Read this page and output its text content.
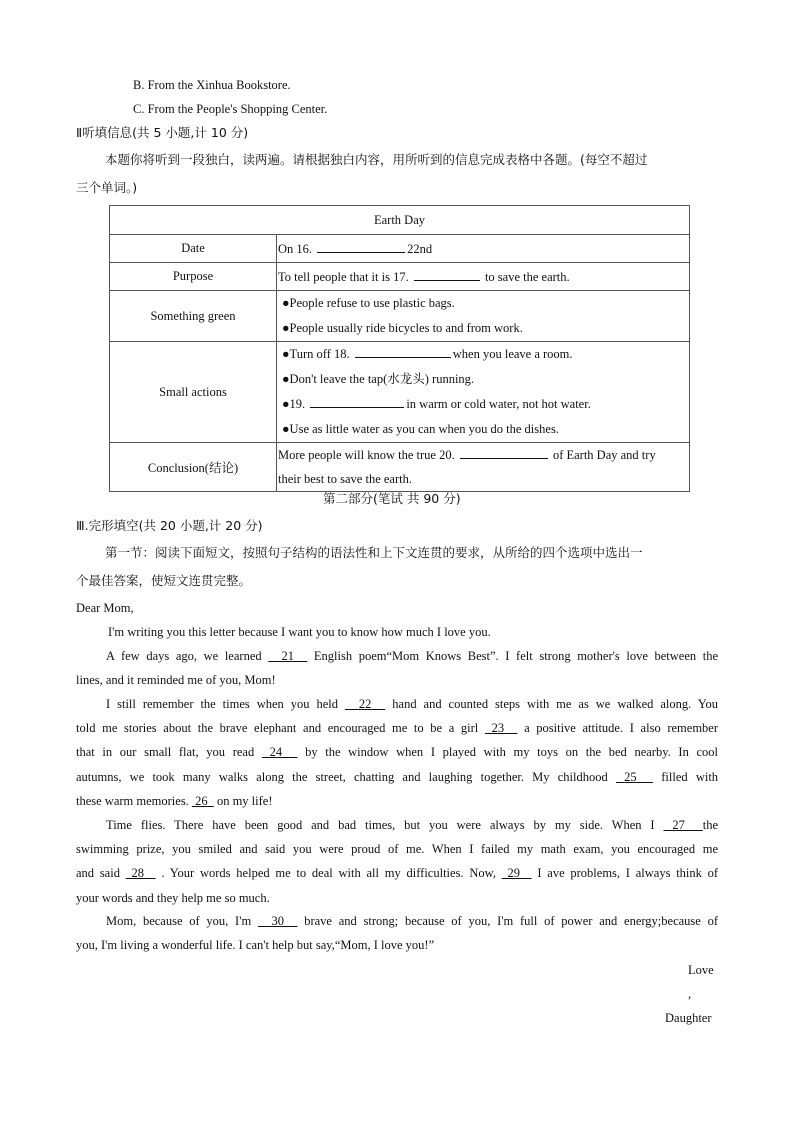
B. From the Xinhua Bookstore.
C. From the People's Shopping Center.
Ⅱ听填信息(共 5 小题,计 10 分)
本题你将听到一段独白，读两遍。请根据独白内容，用所听到的信息完成表格中各题。(每空不超过
三个单词。)
Earth Day	
Date	On 16. 22nd
Purpose	To tell people that it is 17. to save the earth.
Something green	●People refuse to use plastic bags.
●People usually ride bicycles to and from work.

Small actions	●Turn off 18. when you leave a room.
●Don't leave the tap(水龙头) running.
●19. in warm or cold water, not hot water.
●Use as little water as you can when you do the dishes.

Conclusion(结论)	More people will know the true 20. of Earth Day and try
their best to save the earth.
第二部分(笔试 共 90 分)
Ⅲ.完形填空(共 20 小题,计 20 分)
第一节：阅读下面短文，按照句子结构的语法性和上下文连贯的要求，从所给的四个选项中选出一
个最佳答案，使短文连贯完整。
Dear Mom,
I'm writing you this letter because I want you to know how much I love you.
A few days ago, we learned 21 English poem“Mom Knows Best”. I felt strong mother's love between the
lines, and it reminded me of you, Mom!
I still remember the times when you held 22 hand and counted steps with me as we walked along. You
told me stories about the brave elephant and encouraged me to be a girl 23 a positive attitude. I also remember
that in our small flat, you read 24 by the window when I played with my toys on the bed nearby. In cool
autumns, we took many walks along the street, chatting and laughing together. My childhood 25 filled with
these warm memories. 26 on my life!
Time flies. There have been good and bad times, but you were always by my side. When I 27 the
swimming prize, you smiled and said you were proud of me. When I failed my math exam, you encouraged me
and said 28 . Your words helped me to deal with all my difficulties. Now, 29 I ave problems, I always think of
your words and they help me so much.
Mom, because of you, I'm 30 brave and strong; because of you, I'm full of power and energy;because of
you, I'm living a wonderful life. I can't help but say,“Mom, I love you!”
Love
,
Daughter
